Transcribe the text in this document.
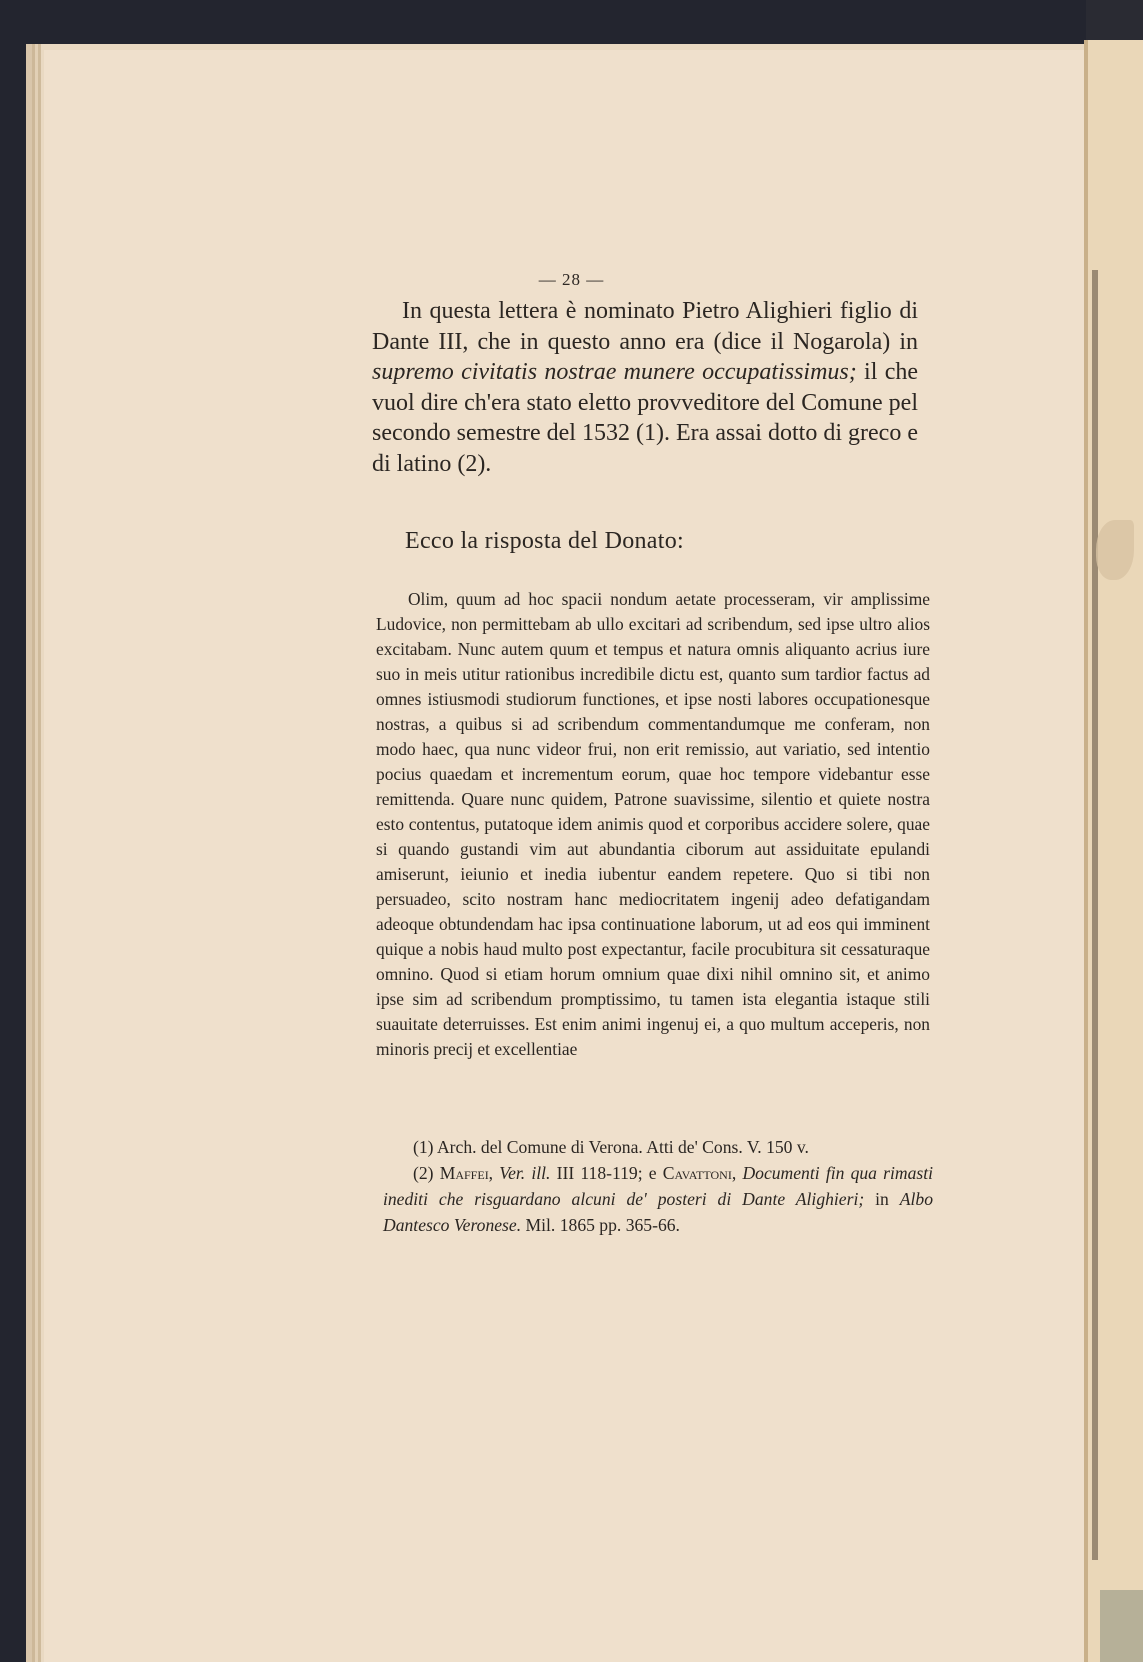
— 28 —

In questa lettera è nominato Pietro Alighieri figlio di Dante III, che in questo anno era (dice il Nogarola) in supremo civitatis nostrae munere occupatissimus; il che vuol dire ch'era stato eletto provveditore del Comune pel secondo semestre del 1532 (1). Era assai dotto di greco e di latino (2).

Ecco la risposta del Donato:

Olim, quum ad hoc spacii nondum aetate processeram, vir amplissime Ludovice, non permittebam ab ullo excitari ad scribendum, sed ipse ultro alios excitabam. Nunc autem quum et tempus et natura omnis aliquanto acrius iure suo in meis utitur rationibus incredibile dictu est, quanto sum tardior factus ad omnes istiusmodi studiorum functiones, et ipse nosti labores occupationesque nostras, a quibus si ad scribendum commentandumque me conferam, non modo haec, qua nunc videor frui, non erit remissio, aut variatio, sed intentio pocius quaedam et incrementum eorum, quae hoc tempore videbantur esse remittenda. Quare nunc quidem, Patrone suavissime, silentio et quiete nostra esto contentus, putatoque idem animis quod et corporibus accidere solere, quae si quando gustandi vim aut abundantia ciborum aut assiduitate epulandi amiserunt, ieiunio et inedia iubentur eandem repetere. Quo si tibi non persuadeo, scito nostram hanc mediocritatem ingenij adeo defatigandam adeoque obtundendam hac ipsa continuatione laborum, ut ad eos qui imminent quique a nobis haud multo post expectantur, facile procubitura sit cessaturaque omnino. Quod si etiam horum omnium quae dixi nihil omnino sit, et animo ipse sim ad scribendum promptissimo, tu tamen ista elegantia istaque stili suauitate deterruisses. Est enim animi ingenuj ei, a quo multum acceperis, non minoris precij et excellentiae

(1) Arch. del Comune di Verona. Atti de' Cons. V. 150 v.

(2) Maffei, Ver. ill. III 118-119; e Cavattoni, Documenti fin qua rimasti inediti che risguardano alcuni de' posteri di Dante Alighieri; in Albo Dantesco Veronese. Mil. 1865 pp. 365-66.
